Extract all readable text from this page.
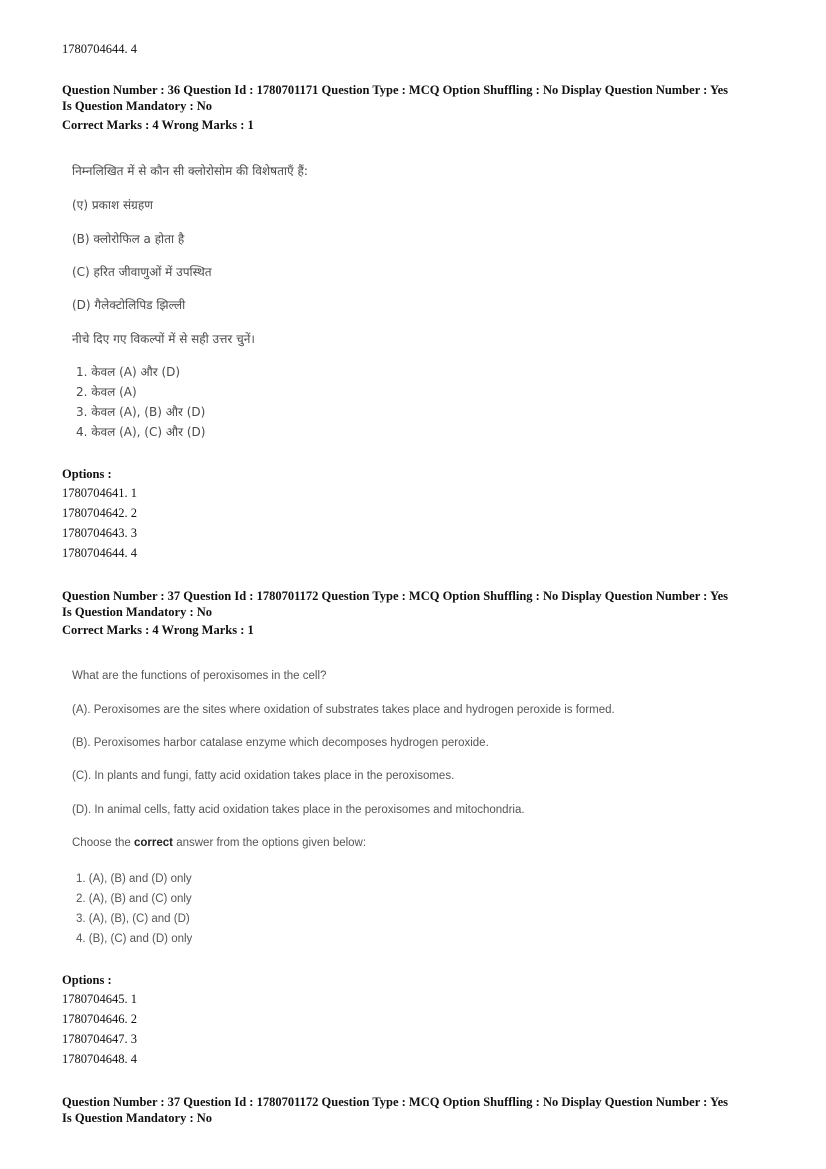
1780704644. 4
Question Number : 36 Question Id : 1780701171 Question Type : MCQ Option Shuffling : No Display Question Number : Yes
Is Question Mandatory : No
Correct Marks : 4 Wrong Marks : 1
निम्नलिखित में से कौन सी क्लोरोसोम की विशेषताएँ हैं:
(ए) प्रकाश संग्रहण
(B) क्लोरोफिल a होता है
(C) हरित जीवाणुओं में उपस्थित
(D) गैलेक्टोलिपिड झिल्ली
नीचे दिए गए विकल्पों में से सही उत्तर चुनें।
1. केवल (A) और (D)
2. केवल (A)
3. केवल (A), (B) और (D)
4. केवल (A), (C) और (D)
Options :
1780704641. 1
1780704642. 2
1780704643. 3
1780704644. 4
Question Number : 37 Question Id : 1780701172 Question Type : MCQ Option Shuffling : No Display Question Number : Yes
Is Question Mandatory : No
Correct Marks : 4 Wrong Marks : 1
What are the functions of peroxisomes in the cell?
(A). Peroxisomes are the sites where oxidation of substrates takes place and hydrogen peroxide is formed.
(B). Peroxisomes harbor catalase enzyme which decomposes hydrogen peroxide.
(C). In plants and fungi, fatty acid oxidation takes place in the peroxisomes.
(D). In animal cells, fatty acid oxidation takes place in the peroxisomes and mitochondria.
Choose the correct answer from the options given below:
1. (A), (B) and (D) only
2. (A), (B) and (C) only
3. (A), (B), (C) and (D)
4. (B), (C) and (D) only
Options :
1780704645. 1
1780704646. 2
1780704647. 3
1780704648. 4
Question Number : 37 Question Id : 1780701172 Question Type : MCQ Option Shuffling : No Display Question Number : Yes
Is Question Mandatory : No
